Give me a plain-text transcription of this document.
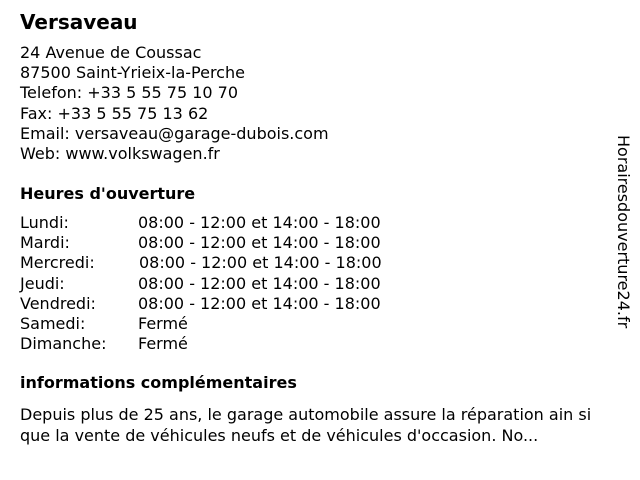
Versaveau
24 Avenue de Coussac
87500 Saint-Yrieix-la-Perche
Telefon: +33 5 55 75 10 70
Fax: +33 5 55 75 13 62
Email: versaveau@garage-dubois.com
Web: www.volkswagen.fr
Heures d'ouverture
Lundi:	08:00 - 12:00 et 14:00 - 18:00
Mardi:	08:00 - 12:00 et 14:00 - 18:00
Mercredi:	08:00 - 12:00 et 14:00 - 18:00
Jeudi:	08:00 - 12:00 et 14:00 - 18:00
Vendredi:	08:00 - 12:00 et 14:00 - 18:00
Samedi:	Fermé
Dimanche: Fermé
informations complémentaires
Depuis plus de 25 ans, le garage automobile assure la réparation ain si que la vente de véhicules neufs et de véhicules d'occasion. No...
Horairesdouverture24.fr
